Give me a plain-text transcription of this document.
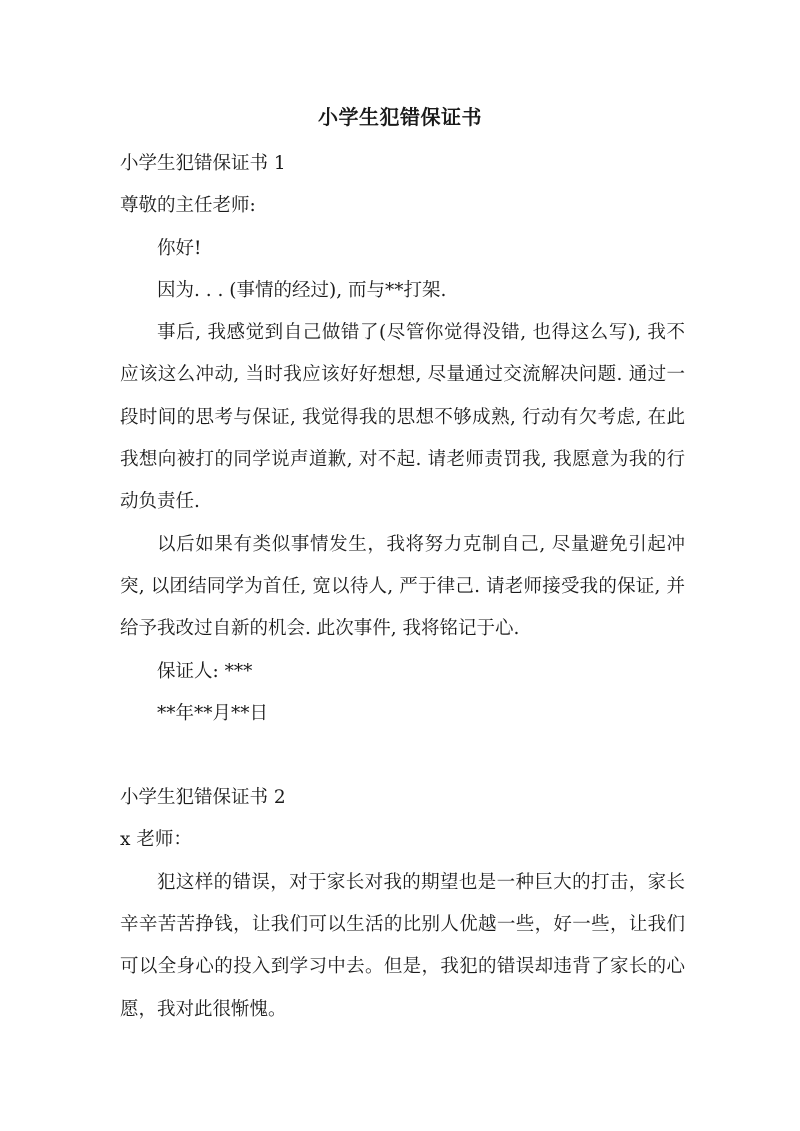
小学生犯错保证书

小学生犯错保证书 1

尊敬的主任老师:

你好!

因为. . . (事情的经过), 而与**打架.

事后, 我感觉到自己做错了(尽管你觉得没错, 也得这么写), 我不应该这么冲动, 当时我应该好好想想, 尽量通过交流解决问题. 通过一段时间的思考与保证, 我觉得我的思想不够成熟, 行动有欠考虑, 在此我想向被打的同学说声道歉, 对不起. 请老师责罚我, 我愿意为我的行动负责任.

以后如果有类似事情发生，我将努力克制自己, 尽量避免引起冲突, 以团结同学为首任, 宽以待人, 严于律己. 请老师接受我的保证, 并给予我改过自新的机会. 此次事件, 我将铭记于心.

保证人: ***

**年**月**日

小学生犯错保证书 2

x 老师：

犯这样的错误，对于家长对我的期望也是一种巨大的打击，家长辛辛苦苦挣钱，让我们可以生活的比别人优越一些，好一些，让我们可以全身心的投入到学习中去。但是，我犯的错误却违背了家长的心愿，我对此很惭愧。
